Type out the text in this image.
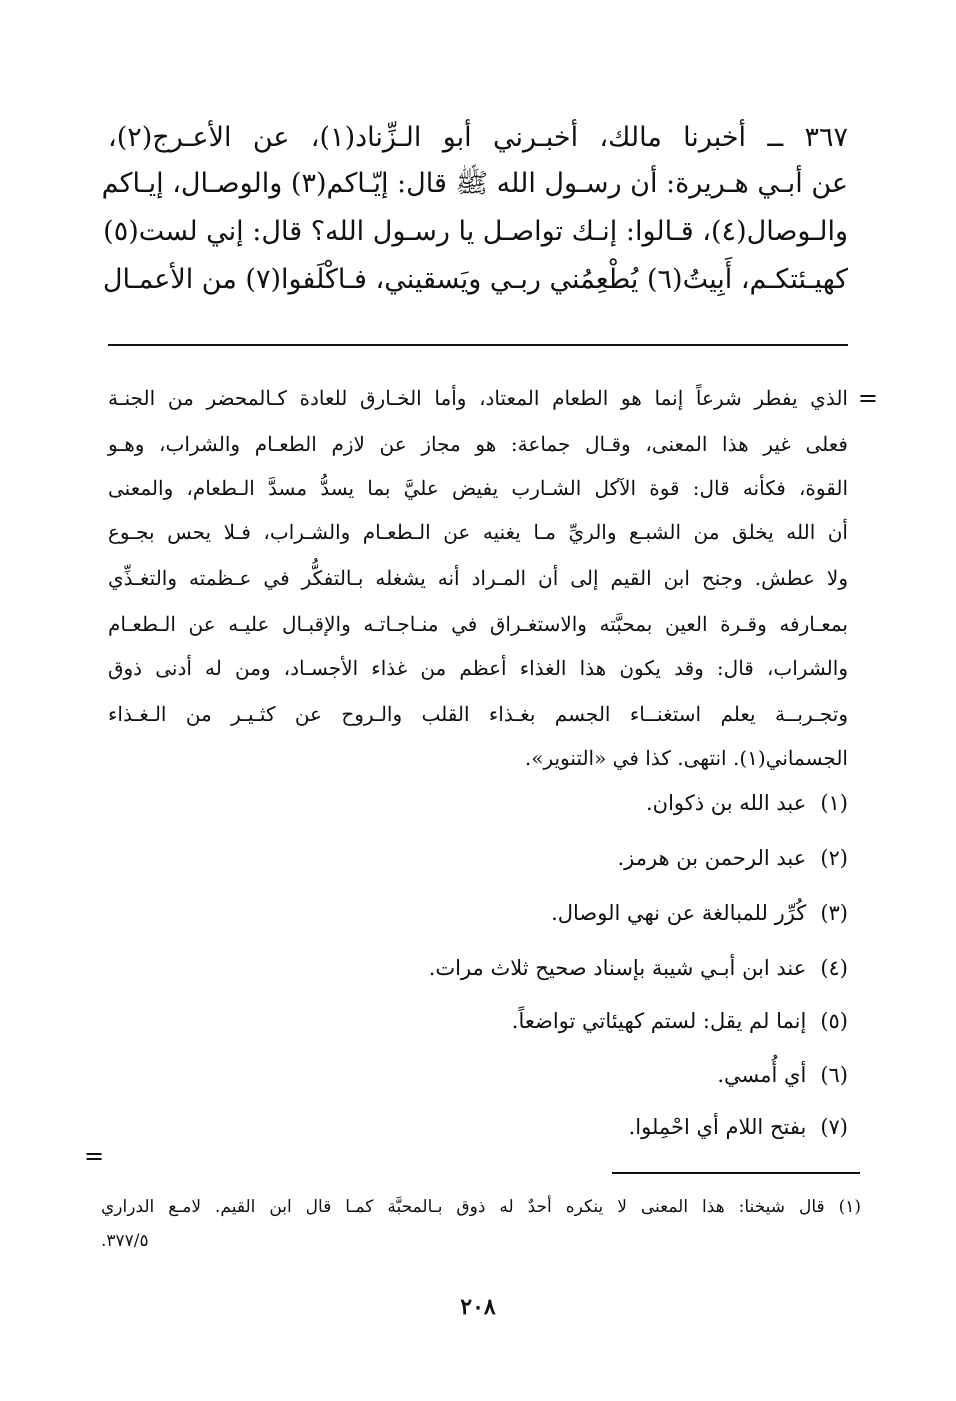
٣٦٧ ــ أخبرنا مالك، أخبـرني أبو الـزِّناد(١)، عن الأعـرج(٢)،
عن أبـي هـريرة: أن رسـول الله ﷺ قال: إيّـاكم(٣) والوصـال، إيـاكم
والـوصال(٤)، قـالوا: إنـك تواصـل يا رسـول الله؟ قال: إني لست(٥)
كهيـئتكـم، أَبِيتُ(٦) يُطْعِمُني ربـي ويَسقيني، فـاكْلَفوا(٧) من الأعمـال
=
الذي يفطر شرعاً إنما هو الطعام المعتاد، وأما الخـارق للعادة كـالمحضر من الجنـة
فعلى غير هذا المعنى، وقـال جماعة: هو مجاز عن لازم الطعـام والشراب، وهـو
القوة، فكأنه قال: قوة الآكل الشـارب يفيض عليَّ بما يسدُّ مسدَّ الـطعام، والمعنى
أن الله يخلق من الشبـع والريِّ مـا يغنيه عن الـطعـام والشـراب، فـلا يحس بجـوع
ولا عطش. وجنح ابن القيم إلى أن المـراد أنه يشغله بـالتفكُّر في عـظمته والتغـذِّي
بمعـارفه وقـرة العين بمحبَّته والاستغـراق في منـاجـاتـه والإقبـال عليـه عن الـطعـام
والشراب، قال: وقد يكون هذا الغذاء أعظم من غذاء الأجسـاد، ومن له أدنى ذوق
وتجـربــة يعلم استغنــاء الجسم بغـذاء القلب والـروح عن كثـيـر من الـغـذاء
الجسماني(١). انتهى. كذا في «التنوير».
(١)عبد الله بن ذكوان.
(٢)عبد الرحمن بن هرمز.
(٣)كُرِّر للمبالغة عن نهي الوصال.
(٤)عند ابن أبـي شيبة بإسناد صحيح ثلاث مرات.
(٥)إنما لم يقل: لستم كهيئاتي تواضعاً.
(٦)أي أُمسي.
(٧)بفتح اللام أي احْمِلوا.
=
(١) قال شيخنا: هذا المعنى لا ينكره أحدٌ له ذوق بـالمحبَّة كمـا قال ابن القيم. لامـع الدراري
٣٧٧/٥.
٢٠٨
